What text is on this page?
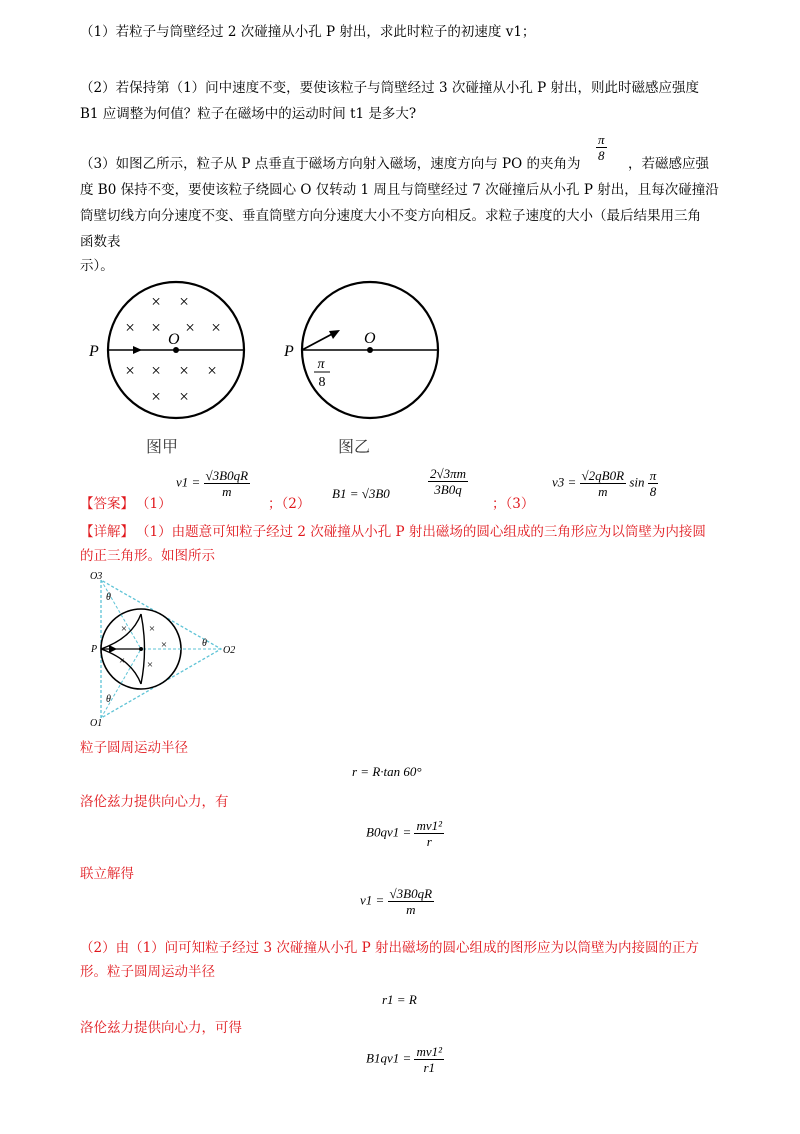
（1）若粒子与筒壁经过 2 次碰撞从小孔 P 射出，求此时粒子的初速度 v1；
（2）若保持第（1）问中速度不变，要使该粒子与筒壁经过 3 次碰撞从小孔 P 射出，则此时磁感应强度
B1 应调整为何值？粒子在磁场中的运动时间 t1 是多大?
（3）如图乙所示，粒子从 P 点垂直于磁场方向射入磁场，速度方向与 PO 的夹角为
$\frac{\pi}{8}$
，若磁感应强
度 B0 保持不变，要使该粒子绕圆心 O 仅转动 1 周且与筒壁经过 7 次碰撞后从小孔 P 射出，且每次碰撞沿
筒壁切线方向分速度不变、垂直筒壁方向分速度大小不变方向相反。求粒子速度的大小（最后结果用三角
函数表
示）。
P
O
× ×
× × × ×
× × × ×
× ×
图甲
P
O
π
8
图乙
【答案】 （1）
$v1 = \frac{√3B0qR}{m}$
；（2）
B1 = √3B0	$\frac{2√3\pi m}{3B0q}$
；（3）
$v3 = \frac{√2qB0R}{m}$ $\sin \frac{\pi}{8}$
【详解】 （1）由题意可知粒子经过 2 次碰撞从小孔 P 射出磁场的圆心组成的三角形应为以筒壁为内接圆
的正三角形。如图所示
× ×
×
× ×
O3
O1
O2
P
θ
θ
θ
粒子圆周运动半径
r = R·tan 60°
洛伦兹力提供向心力，有
$B0qv1 = \frac{\text{mv1²}}{r}$
联立解得
$v1 = \frac{√3B0qR}{m}$
（2）由（1）问可知粒子经过 3 次碰撞从小孔 P 射出磁场的圆心组成的图形应为以筒壁为内接圆的正方
形。粒子圆周运动半径
r1 = R
洛伦兹力提供向心力，可得
$B1qv1 = \frac{\text{mv1²}}{r1}$
